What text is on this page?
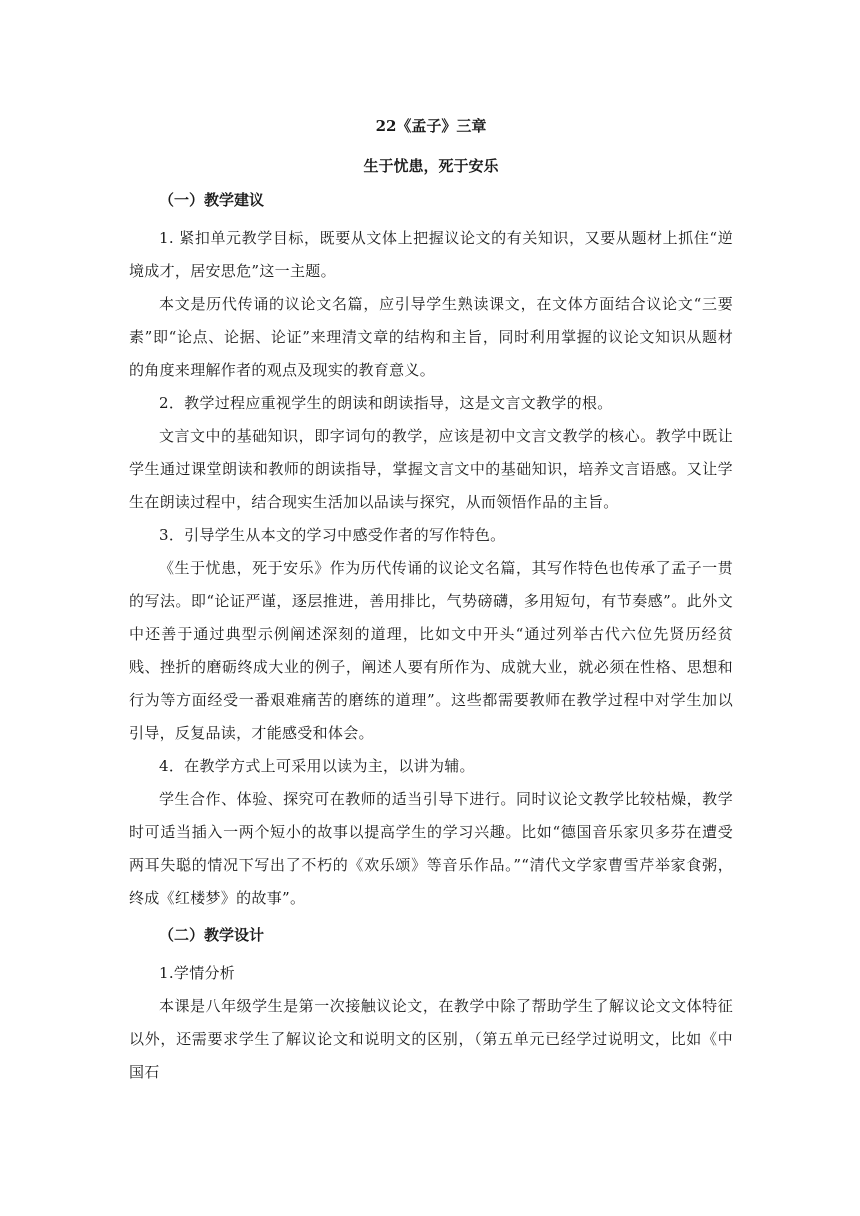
22《孟子》三章
生于忧患，死于安乐
（一）教学建议

1. 紧扣单元教学目标，既要从文体上把握议论文的有关知识，又要从题材上抓住“逆境成才，居安思危”这一主题。

本文是历代传诵的议论文名篇，应引导学生熟读课文，在文体方面结合议论文“三要素”即“论点、论据、论证”来理清文章的结构和主旨，同时利用掌握的议论文知识从题材的角度来理解作者的观点及现实的教育意义。

2．教学过程应重视学生的朗读和朗读指导，这是文言文教学的根。

文言文中的基础知识，即字词句的教学，应该是初中文言文教学的核心。教学中既让学生通过课堂朗读和教师的朗读指导，掌握文言文中的基础知识，培养文言语感。又让学生在朗读过程中，结合现实生活加以品读与探究，从而领悟作品的主旨。

3．引导学生从本文的学习中感受作者的写作特色。

《生于忧患，死于安乐》作为历代传诵的议论文名篇，其写作特色也传承了孟子一贯的写法。即“论证严谨，逐层推进，善用排比，气势磅礴，多用短句，有节奏感”。此外文中还善于通过典型示例阐述深刻的道理，比如文中开头“通过列举古代六位先贤历经贫贱、挫折的磨砺终成大业的例子，阐述人要有所作为、成就大业，就必须在性格、思想和行为等方面经受一番艰难痛苦的磨练的道理”。这些都需要教师在教学过程中对学生加以引导，反复品读，才能感受和体会。

4．在教学方式上可采用以读为主，以讲为辅。

学生合作、体验、探究可在教师的适当引导下进行。同时议论文教学比较枯燥，教学时可适当插入一两个短小的故事以提高学生的学习兴趣。比如“德国音乐家贝多芬在遭受两耳失聪的情况下写出了不朽的《欢乐颂》等音乐作品。”“清代文学家曹雪芹举家食粥，终成《红楼梦》的故事”。

（二）教学设计

1.学情分析

本课是八年级学生是第一次接触议论文，在教学中除了帮助学生了解议论文文体特征以外，还需要求学生了解议论文和说明文的区别，（第五单元已经学过说明文，比如《中国石
